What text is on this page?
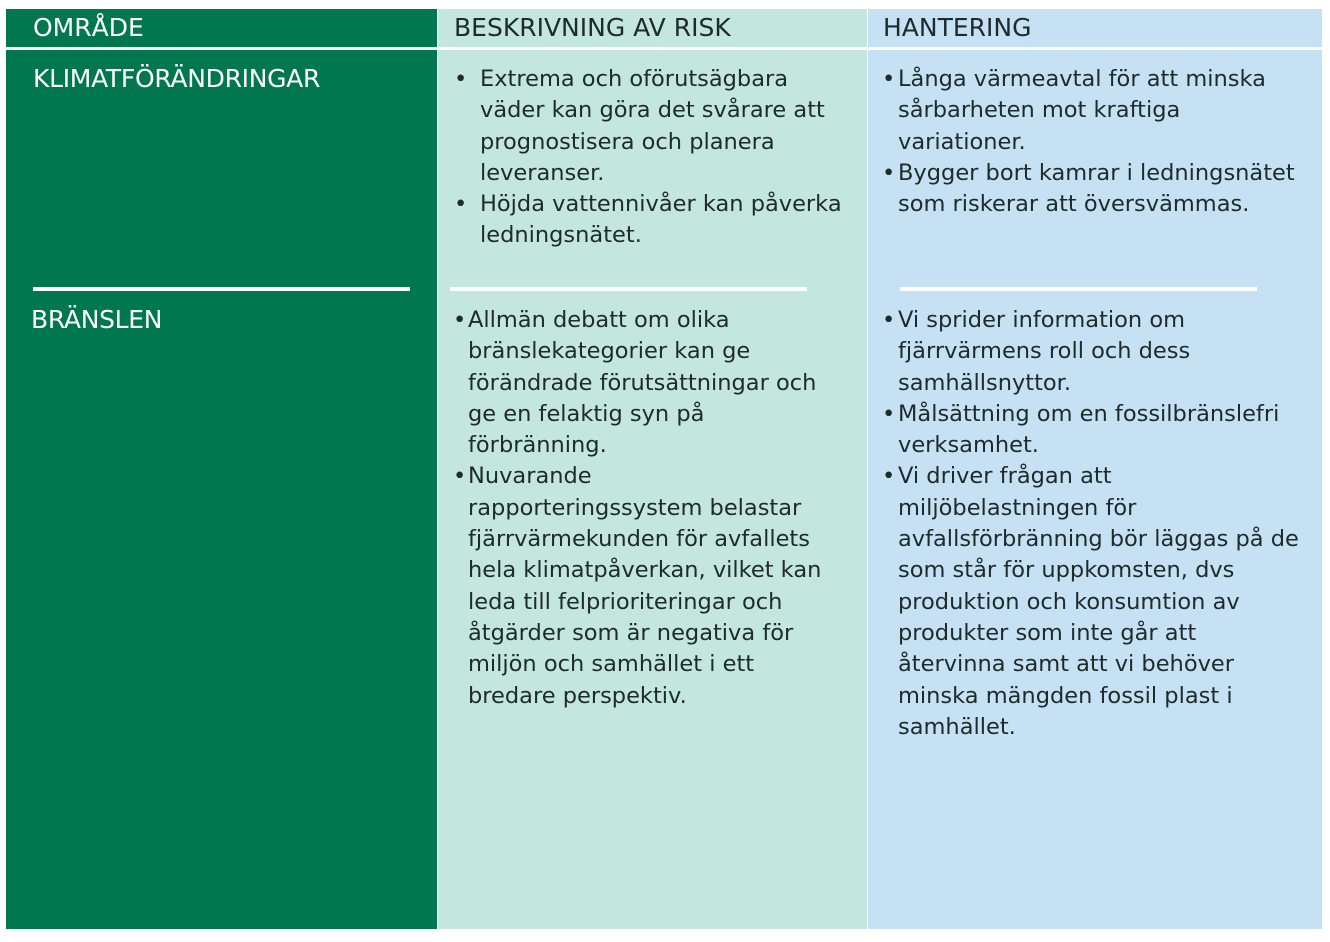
OMRÅDE	BESKRIVNING AV RISK	HANTERING
KLIMATFÖRÄNDRINGAR
BRÄNSLEN
• Extrema och oförutsägbara väder kan göra det svårare att prognostisera och planera leveranser.
• Höjda vattennivåer kan påverka ledningsnätet.
• Långa värmeavtal för att minska sårbarheten mot kraftiga variationer.
• Bygger bort kamrar i ledningsnätet som riskerar att översvämmas.
• Allmän debatt om olika bränslekategorier kan ge förändrade förutsättningar och ge en felaktig syn på förbränning.
• Nuvarande rapporteringssystem belastar fjärrvärmekunden för avfallets hela klimatpåverkan, vilket kan leda till felprioriteringar och åtgärder som är negativa för miljön och samhället i ett bredare perspektiv.
• Vi sprider information om fjärrvärmens roll och dess samhällsnyttor.
• Målsättning om en fossilbränslefri verksamhet.
• Vi driver frågan att miljöbelastningen för avfallsförbränning bör läggas på de som står för uppkomsten, dvs produktion och konsumtion av produkter som inte går att återvinna samt att vi behöver minska mängden fossil plast i samhället.
